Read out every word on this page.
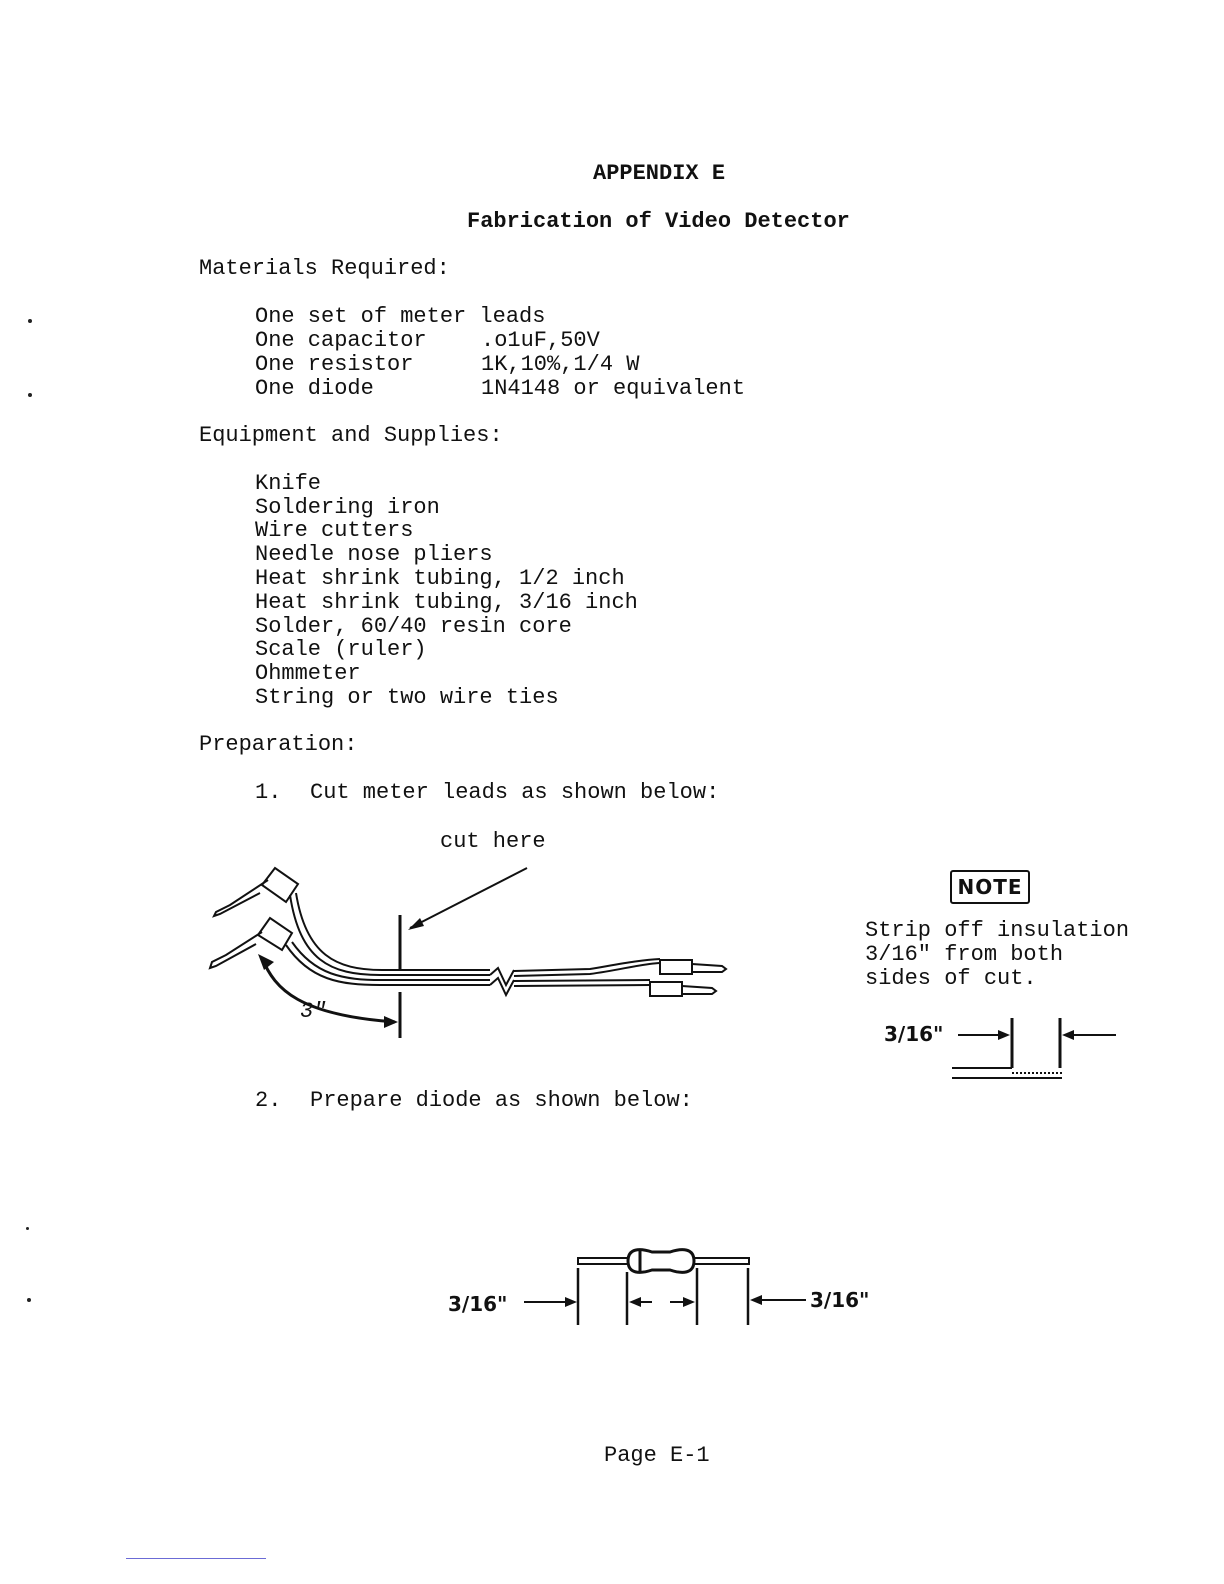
APPENDIX E
Fabrication of Video Detector
Materials Required:
One set of meter leads
One capacitor .o1uF,50V
One resistor	1K,10%,1/4 W
One diode	1N4148 or equivalent
Equipment and Supplies:
Knife
Soldering iron
Wire cutters
Needle nose pliers
Heat shrink tubing, 1/2 inch
Heat shrink tubing, 3/16 inch
Solder, 60/40 resin core
Scale (ruler)
Ohmmeter
String or two wire ties
Preparation:
1. Cut meter leads as shown below:
cut here
3"
NOTE
Strip off insulation
3/16" from both
sides of cut.
3/16"
2. Prepare diode as shown below:
3/16"	3/16"
Page E-1
